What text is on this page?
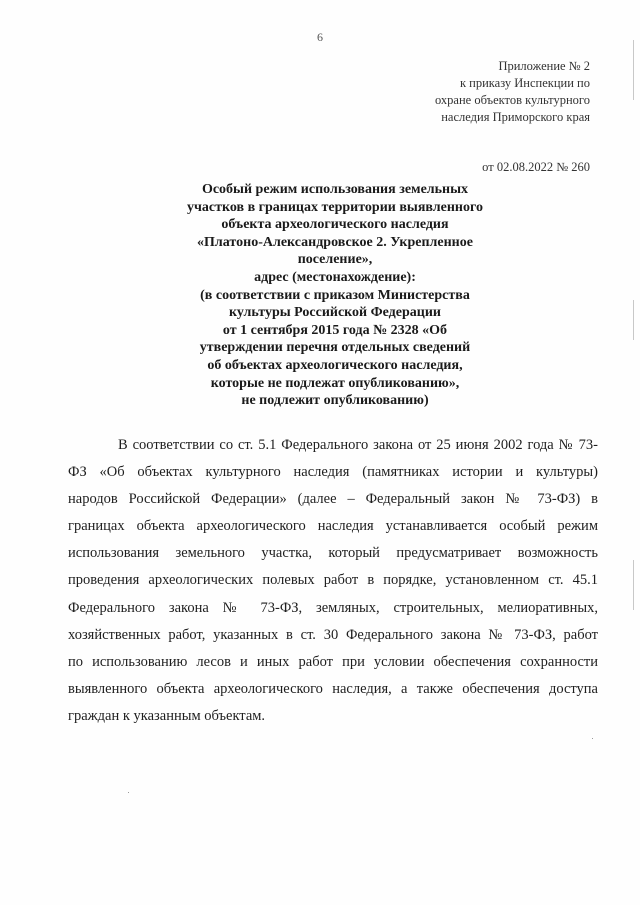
6
Приложение № 2
к приказу Инспекции по
охране объектов культурного
наследия Приморского края
от 02.08.2022 № 260
Особый режим использования земельных
участков в границах территории выявленного
объекта археологического наследия
«Платоно-Александровское 2. Укрепленное
поселение»,
адрес (местонахождение):
(в соответствии с приказом Министерства
культуры Российской Федерации
от 1 сентября 2015 года № 2328 «Об
утверждении перечня отдельных сведений
об объектах археологического наследия,
которые не подлежат опубликованию»,
не подлежит опубликованию)
В соответствии со ст. 5.1 Федерального закона от 25 июня 2002 года № 73-
ФЗ «Об объектах культурного наследия (памятниках истории и культуры)
народов Российской Федерации» (далее – Федеральный закон № 73-ФЗ) в
границах объекта археологического наследия устанавливается особый режим
использования земельного участка, который предусматривает возможность
проведения археологических полевых работ в порядке, установленном ст. 45.1
Федерального закона № 73-ФЗ, земляных, строительных, мелиоративных,
хозяйственных работ, указанных в ст. 30 Федерального закона № 73-ФЗ, работ
по использованию лесов и иных работ при условии обеспечения сохранности
выявленного объекта археологического наследия, а также обеспечения доступа
граждан к указанным объектам.
